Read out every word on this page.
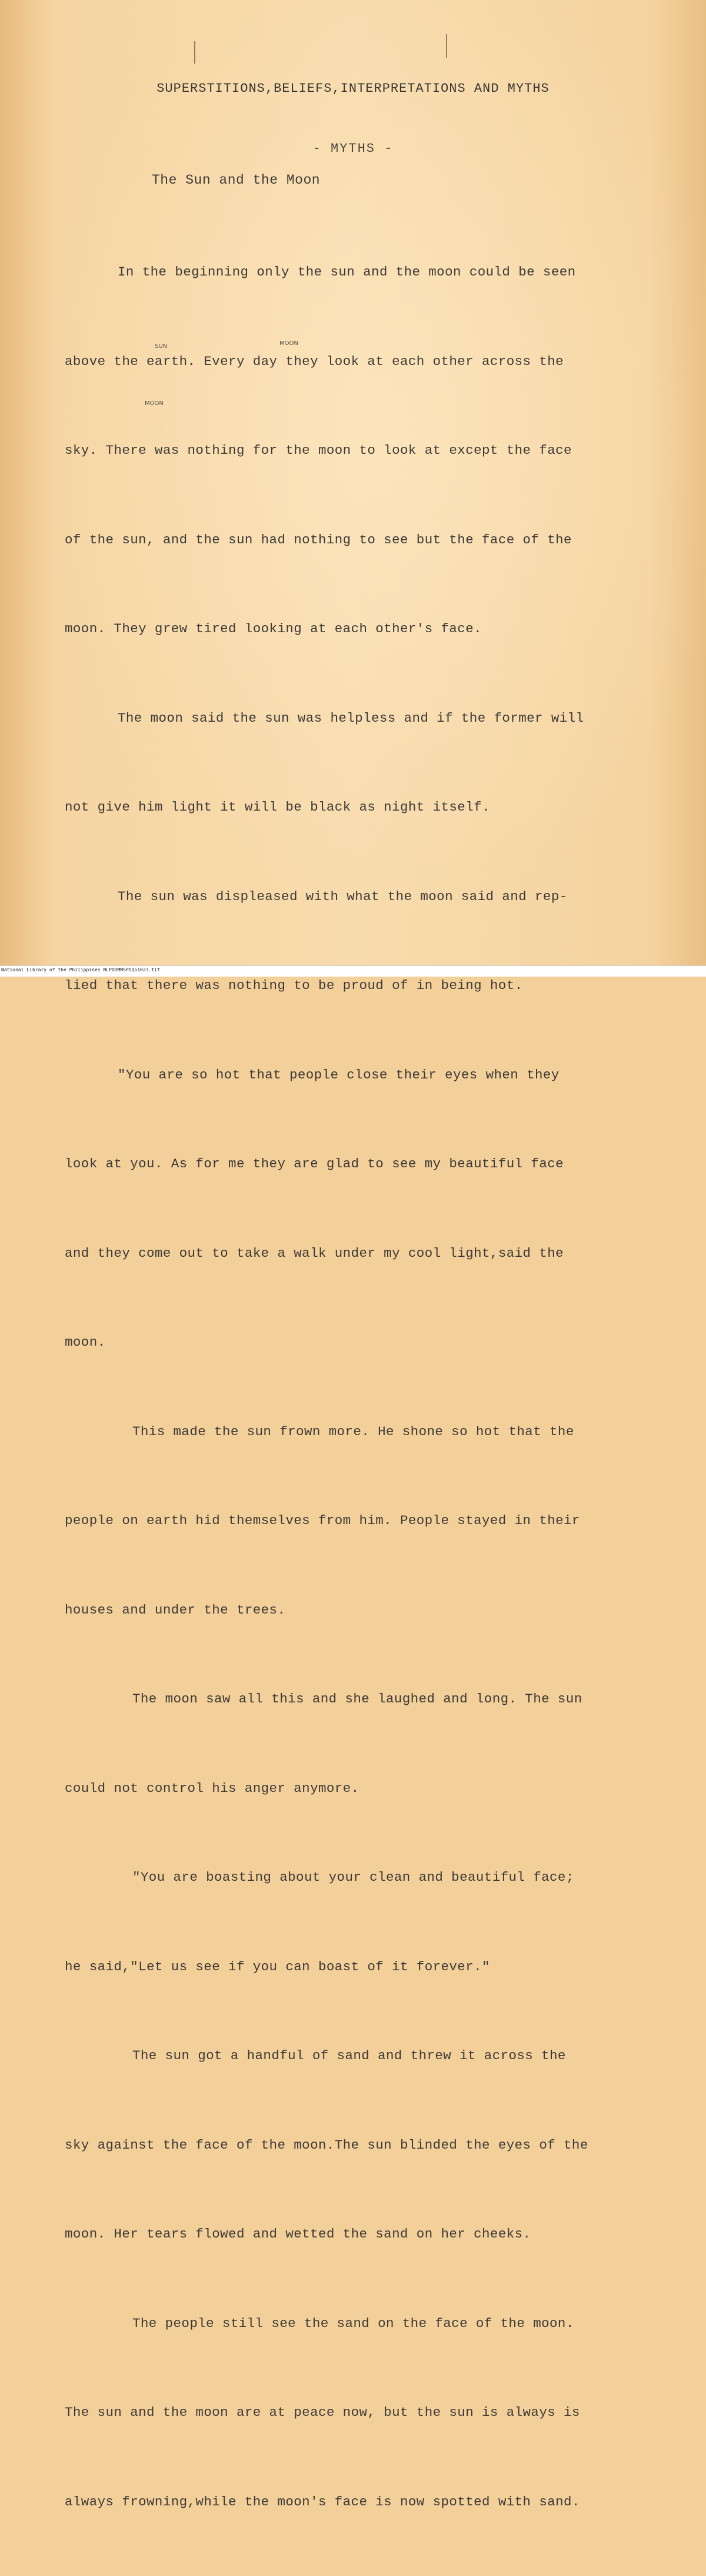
SUPERSTITIONS,BELIEFS,INTERPRETATIONS AND MYTHS
- MYTHS -
The Sun and the Moon
SUN	MOON
MOON

In the beginning only the sun and the moon could be seen

above the earth. Every day they look at each other across the

sky. There was nothing for the moon to look at except the face

of the sun, and the sun had nothing to see but the face of the

moon. They grew tired looking at each other's face.

The moon said the sun was helpless and if the former will

not give him light it will be black as night itself.

The sun was displeased with what the moon said and rep-

lied that there was nothing to be proud of in being hot.

"You are so hot that people close their eyes when they

look at you. As for me they are glad to see my beautiful face

and they come out to take a walk under my cool light,said the

moon.

This made the sun frown more. He shone so hot that the

people on earth hid themselves from him. People stayed in their

houses and under the trees.

The moon saw all this and she laughed and long. The sun

could not control his anger anymore.

"You are boasting about your clean and beautiful face;

he said,"Let us see if you can boast of it forever."

The sun got a handful of sand and threw it across the

sky against the face of the moon.The sun blinded the eyes of the

moon. Her tears flowed and wetted the sand on her cheeks.

The people still see the sand on the face of the moon.

The sun and the moon are at peace now, but the sun is always is

always frowning,while the moon's face is now spotted with sand.

National Library of the Philippines NLPOOMMSPOQ51023.tif
